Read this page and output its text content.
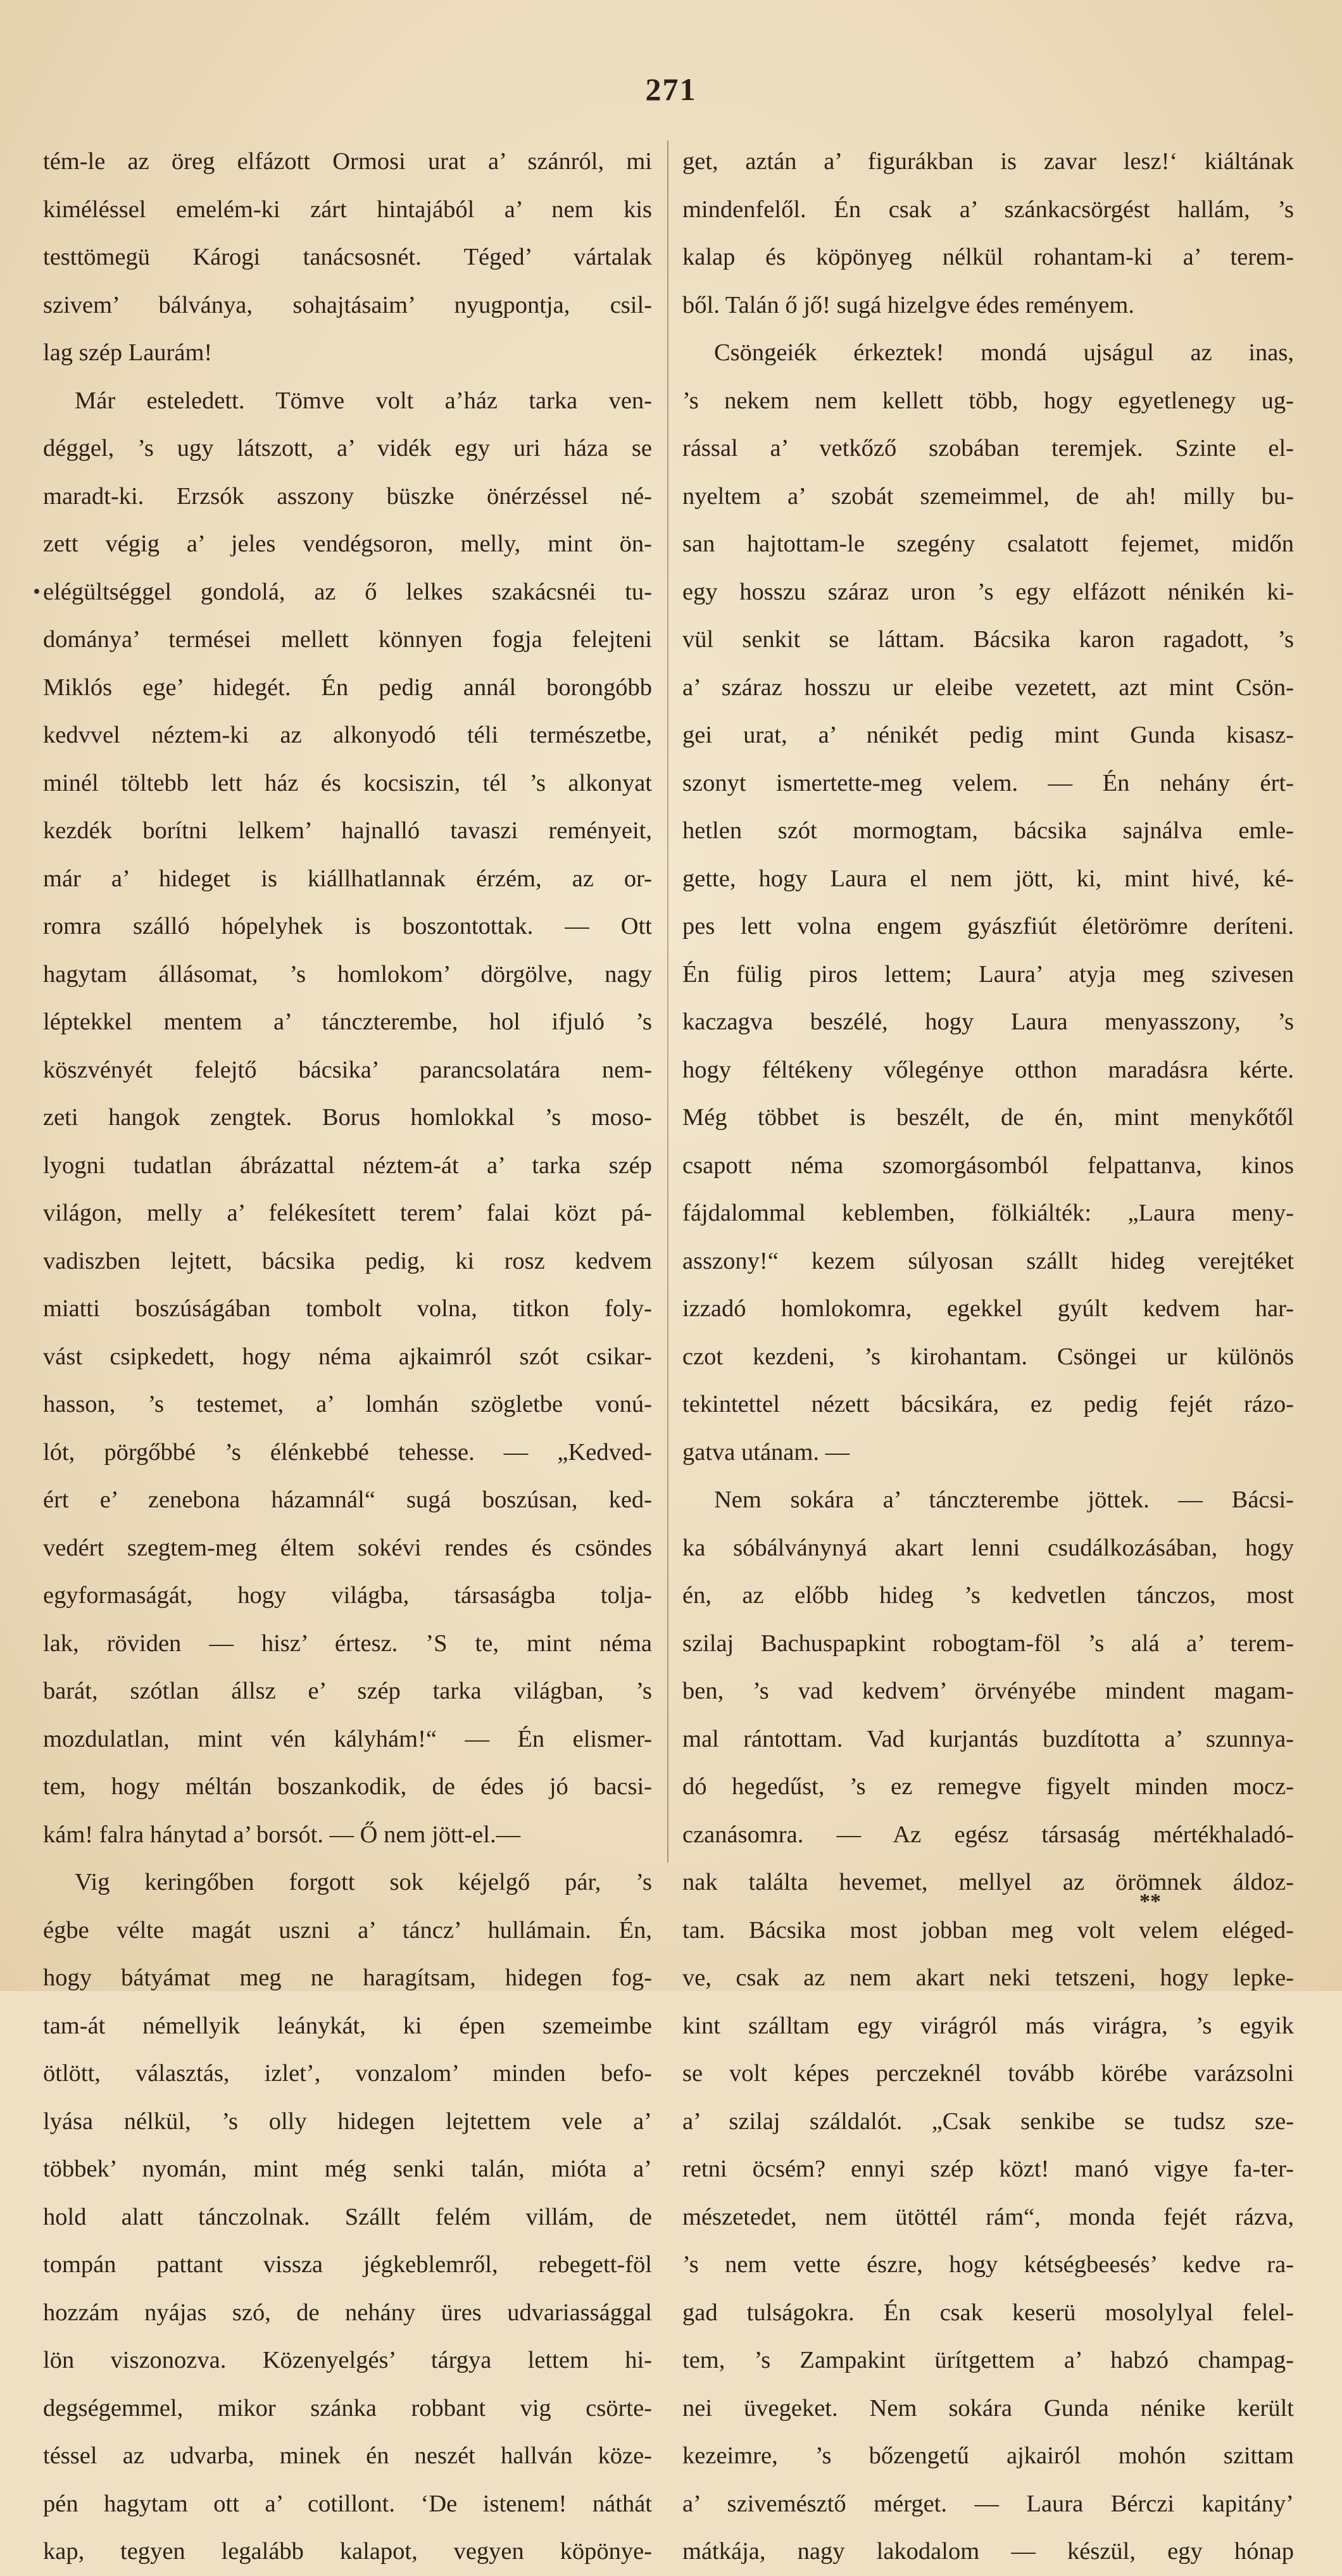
271
tém-le az öreg elfázott Ormosi urat a’ szánról, mi
kiméléssel emelém-ki zárt hintajából a’ nem kis
testtömegü Károgi tanácsosnét. Téged’ vártalak
szivem’ bálványa, sohajtásaim’ nyugpontja, csil-
lag szép Laurám!
Már esteledett. Tömve volt a’ház tarka ven-
déggel, ’s ugy látszott, a’ vidék egy uri háza se
maradt-ki. Erzsók asszony büszke önérzéssel né-
zett végig a’ jeles vendégsoron, melly, mint ön-
elégültséggel gondolá, az ő lelkes szakácsnéi tu-
dománya’ termései mellett könnyen fogja felejteni
Miklós ege’ hidegét. Én pedig annál borongóbb
kedvvel néztem-ki az alkonyodó téli természetbe,
minél töltebb lett ház és kocsiszin, tél ’s alkonyat
kezdék borítni lelkem’ hajnalló tavaszi reményeit,
már a’ hideget is kiállhatlannak érzém, az or-
romra szálló hópelyhek is boszontottak. — Ott
hagytam állásomat, ’s homlokom’ dörgölve, nagy
léptekkel mentem a’ tánczterembe, hol ifjuló ’s
köszvényét felejtő bácsika’ parancsolatára nem-
zeti hangok zengtek. Borus homlokkal ’s moso-
lyogni tudatlan ábrázattal néztem-át a’ tarka szép
világon, melly a’ felékesített terem’ falai közt pá-
vadiszben lejtett, bácsika pedig, ki rosz kedvem
miatti boszúságában tombolt volna, titkon foly-
vást csipkedett, hogy néma ajkaimról szót csikar-
hasson, ’s testemet, a’ lomhán szögletbe vonú-
lót, pörgőbbé ’s élénkebbé tehesse. — „Kedved-
ért e’ zenebona házamnál“ sugá boszúsan, ked-
vedért szegtem-meg éltem sokévi rendes és csöndes
egyformaságát, hogy világba, társaságba tolja-
lak, röviden — hisz’ értesz. ’S te, mint néma
barát, szótlan állsz e’ szép tarka világban, ’s
mozdulatlan, mint vén kályhám!“ — Én elismer-
tem, hogy méltán boszankodik, de édes jó bacsi-
kám! falra hánytad a’ borsót. — Ő nem jött-el.—
Vig keringőben forgott sok kéjelgő pár, ’s
égbe vélte magát uszni a’ táncz’ hullámain. Én,
hogy bátyámat meg ne haragítsam, hidegen fog-
tam-át némellyik leánykát, ki épen szemeimbe
ötlött, választás, izlet’, vonzalom’ minden befo-
lyása nélkül, ’s olly hidegen lejtettem vele a’
többek’ nyomán, mint még senki talán, mióta a’
hold alatt tánczolnak. Szállt felém villám, de
tompán pattant vissza jégkeblemről, rebegett-föl
hozzám nyájas szó, de nehány üres udvariassággal
lön viszonozva. Közenyelgés’ tárgya lettem hi-
degségemmel, mikor szánka robbant vig csörte-
téssel az udvarba, minek én neszét hallván köze-
pén hagytam ott a’ cotillont. ‘De istenem! náthát
kap, tegyen legalább kalapot, vegyen köpönye-
get, aztán a’ figurákban is zavar lesz!‘ kiáltának
mindenfelől. Én csak a’ szánkacsörgést hallám, ’s
kalap és köpönyeg nélkül rohantam-ki a’ terem-
ből. Talán ő jő! sugá hizelgve édes reményem.
Csöngeiék érkeztek! mondá ujságul az inas,
’s nekem nem kellett több, hogy egyetlenegy ug-
rással a’ vetkőző szobában teremjek. Szinte el-
nyeltem a’ szobát szemeimmel, de ah! milly bu-
san hajtottam-le szegény csalatott fejemet, midőn
egy hosszu száraz uron ’s egy elfázott nénikén ki-
vül senkit se láttam. Bácsika karon ragadott, ’s
a’ száraz hosszu ur eleibe vezetett, azt mint Csön-
gei urat, a’ nénikét pedig mint Gunda kisasz-
szonyt ismertette-meg velem. — Én nehány ért-
hetlen szót mormogtam, bácsika sajnálva emle-
gette, hogy Laura el nem jött, ki, mint hivé, ké-
pes lett volna engem gyászfiút életörömre deríteni.
Én fülig piros lettem; Laura’ atyja meg szivesen
kaczagva beszélé, hogy Laura menyasszony, ’s
hogy féltékeny vőlegénye otthon maradásra kérte.
Még többet is beszélt, de én, mint menykőtől
csapott néma szomorgásomból felpattanva, kinos
fájdalommal keblemben, fölkiálték: „Laura meny-
asszony!“ kezem súlyosan szállt hideg verejtéket
izzadó homlokomra, egekkel gyúlt kedvem har-
czot kezdeni, ’s kirohantam. Csöngei ur különös
tekintettel nézett bácsikára, ez pedig fejét rázo-
gatva utánam. —
Nem sokára a’ tánczterembe jöttek. — Bácsi-
ka sóbálványnyá akart lenni csudálkozásában, hogy
én, az előbb hideg ’s kedvetlen tánczos, most
szilaj Bachuspapkint robogtam-föl ’s alá a’ terem-
ben, ’s vad kedvem’ örvényébe mindent magam-
mal rántottam. Vad kurjantás buzdította a’ szunnya-
dó hegedűst, ’s ez remegve figyelt minden mocz-
czanásomra. — Az egész társaság mértékhaladó-
nak találta hevemet, mellyel az örömnek áldoz-
tam. Bácsika most jobban meg volt velem eléged-
ve, csak az nem akart neki tetszeni, hogy lepke-
kint szálltam egy virágról más virágra, ’s egyik
se volt képes perczeknél tovább körébe varázsolni
a’ szilaj száldalót. „Csak senkibe se tudsz sze-
retni öcsém? ennyi szép közt! manó vigye fa-ter-
mészetedet, nem ütöttél rám“, monda fejét rázva,
’s nem vette észre, hogy kétségbeesés’ kedve ra-
gad tulságokra. Én csak keserü mosolylyal felel-
tem, ’s Zampakint ürítgettem a’ habzó champag-
nei üvegeket. Nem sokára Gunda nénike került
kezeimre, ’s bőzengetű ajkairól mohón szittam
a’ szivemésztő mérget. — Laura Bérczi kapitány’
mátkája, nagy lakodalom — készül, egy hónap
**
